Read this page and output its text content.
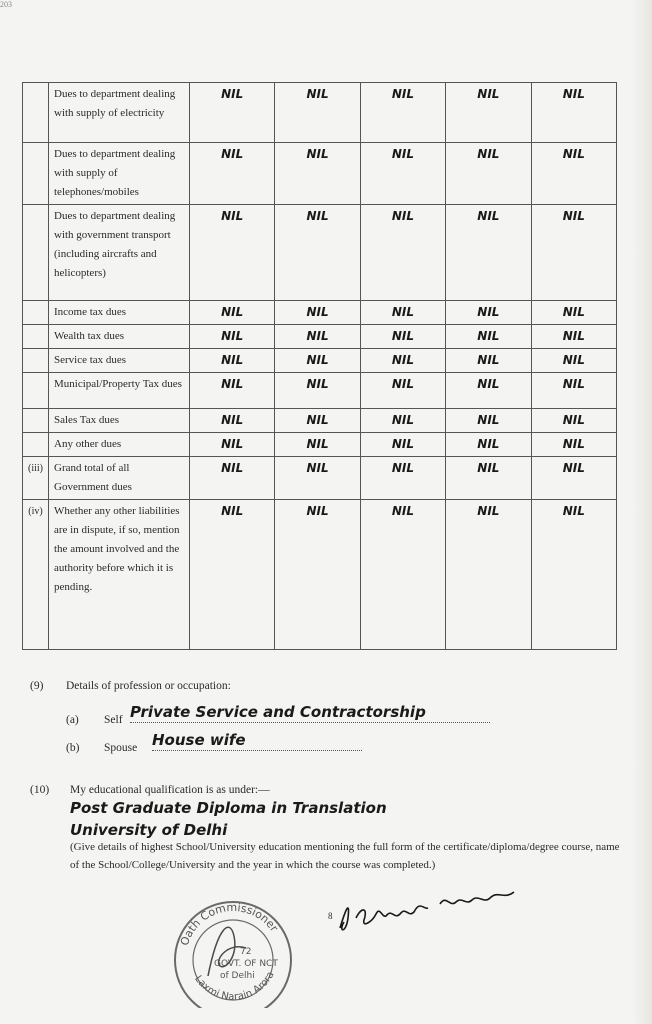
203
	Dues to department dealing with supply of electricity	NIL	NIL	NIL	NIL	NIL
	Dues to department dealing with supply of telephones/mobiles	NIL	NIL	NIL	NIL	NIL
	Dues to department dealing with government transport (including aircrafts and helicopters)	NIL	NIL	NIL	NIL	NIL
	Income tax dues	NIL	NIL	NIL	NIL	NIL
	Wealth tax dues	NIL	NIL	NIL	NIL	NIL
	Service tax dues	NIL	NIL	NIL	NIL	NIL
	Municipal/Property Tax dues	NIL	NIL	NIL	NIL	NIL
	Sales Tax dues	NIL	NIL	NIL	NIL	NIL
	Any other dues	NIL	NIL	NIL	NIL	NIL
(iii)	Grand total of all Government dues	NIL	NIL	NIL	NIL	NIL
(iv)	Whether any other liabilities are in dispute, if so, mention the amount involved and the authority before which it is pending.	NIL	NIL	NIL	NIL	NIL
(9) Details of profession or occupation:
(a) Self Private Service and Contractorship
(b) Spouse House wife
(10) My educational qualification is as under:—
Post Graduate Diploma in Translation
University of Delhi
(Give details of highest School/University education mentioning the full form of the certificate/diploma/degree course, name of the School/College/University and the year in which the course was completed.)
Oath Commissioner
Laxmi Narain Arora
72
GOVT. OF NCT
of Delhi
8
